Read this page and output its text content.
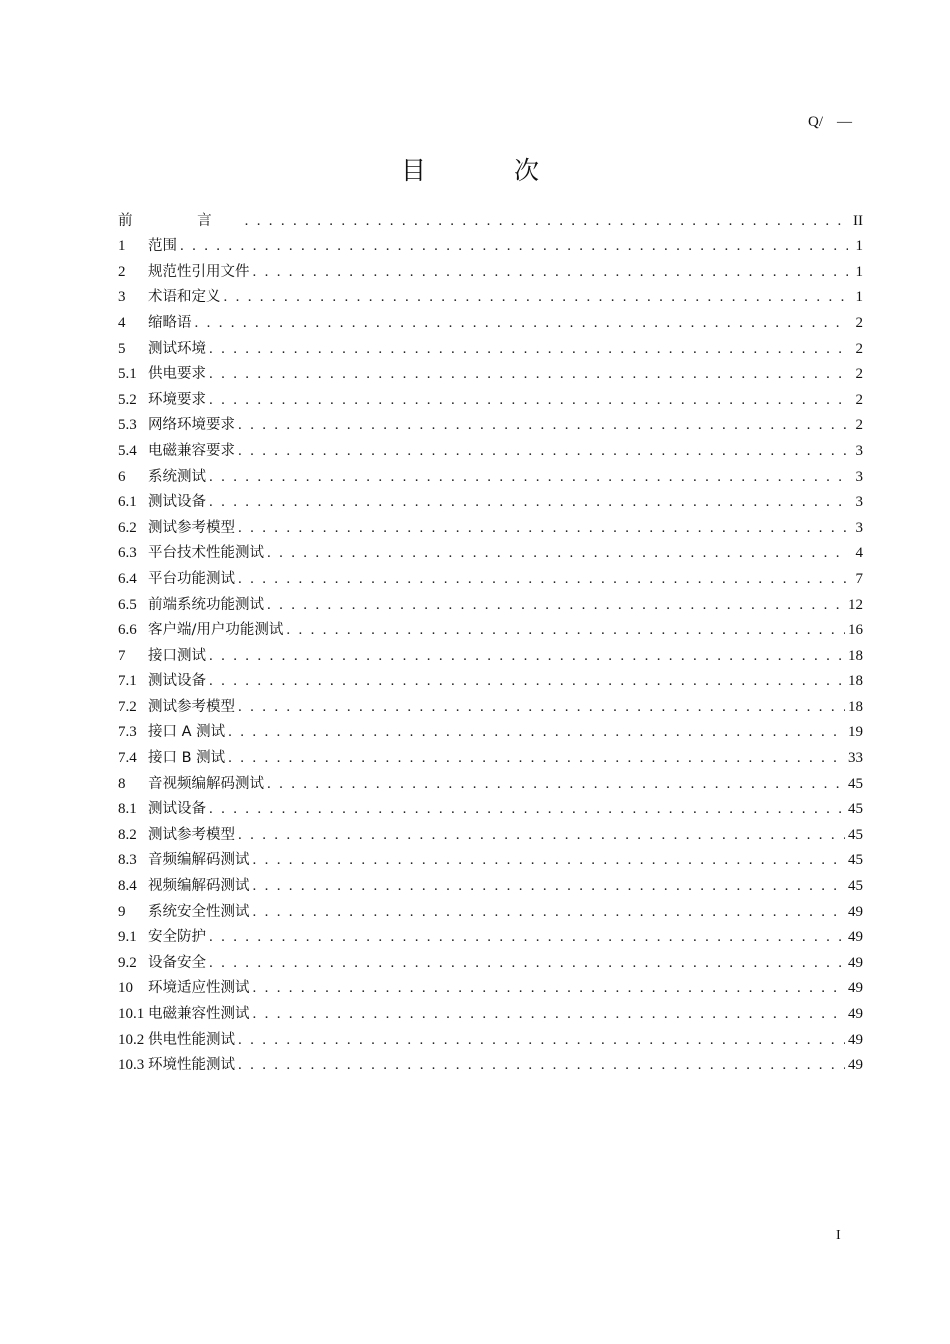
Q/ —
目 次
前 言 . . .	II
1	范围 . . .	1
2	规范性引用文件 . . .	1
3	术语和定义 . . .	1
4	缩略语 . . .	2
5	测试环境 . . .	2
5.1 供电要求 . . .	2
5.2 环境要求 . . .	2
5.3 网络环境要求 . . .	2
5.4 电磁兼容要求 . . .	3
6	系统测试 . . .	3
6.1 测试设备 . . .	3
6.2 测试参考模型 . . .	3
6.3 平台技术性能测试 . . .	4
6.4 平台功能测试 . . .	7
6.5 前端系统功能测试 . . .	12
6.6 客户端/用户功能测试 . . .	16
7	接口测试 . . .	18
7.1 测试设备 . . .	18
7.2 测试参考模型 . . .	18
7.3 接口 A 测试 . . .	19
7.4 接口 B 测试 . . .	33
8	音视频编解码测试 . . .	45
8.1 测试设备 . . .	45
8.2 测试参考模型 . . .	45
8.3 音频编解码测试 . . .	45
8.4 视频编解码测试 . . .	45
9	系统安全性测试 . . .	49
9.1 安全防护 . . .	49
9.2 设备安全 . . .	49
10	环境适应性测试 . . .	49
10.1 电磁兼容性测试 . . .	49
10.2 供电性能测试 . . .	49
10.3 环境性能测试 . . .	49
I
